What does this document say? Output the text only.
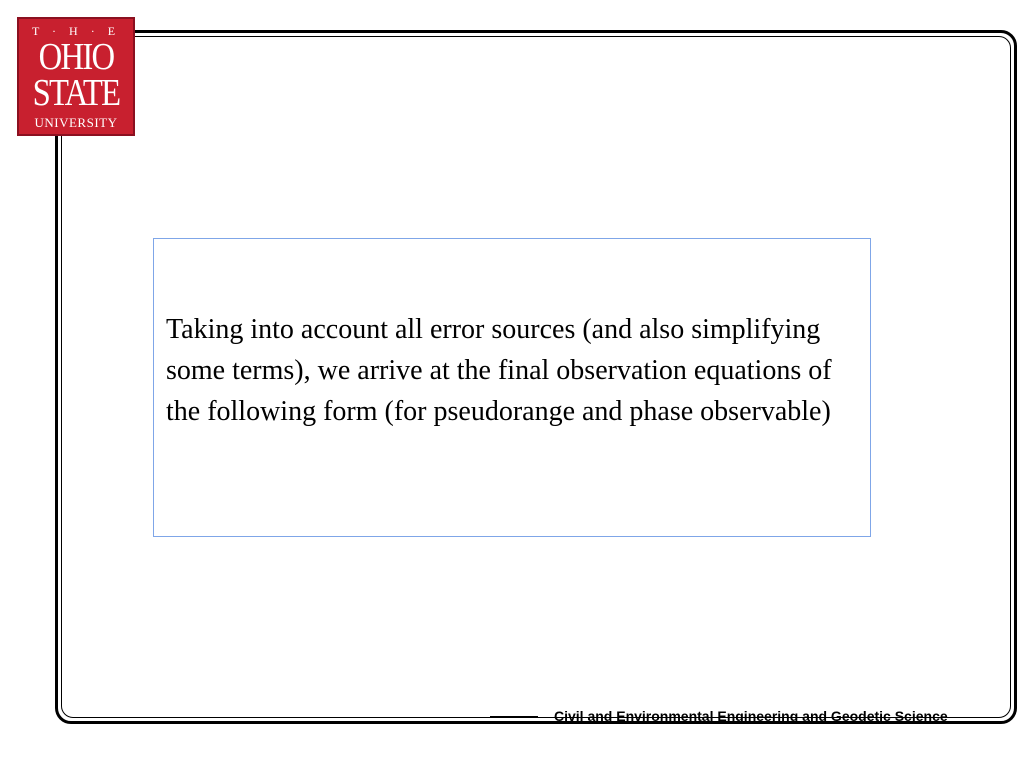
T · H · E
OHIO
STATE
UNIVERSITY
Taking into account all error sources (and also simplifying some terms), we arrive at the final observation equations of the following form (for pseudorange and phase observable)
Civil and Environmental Engineering and Geodetic Science
